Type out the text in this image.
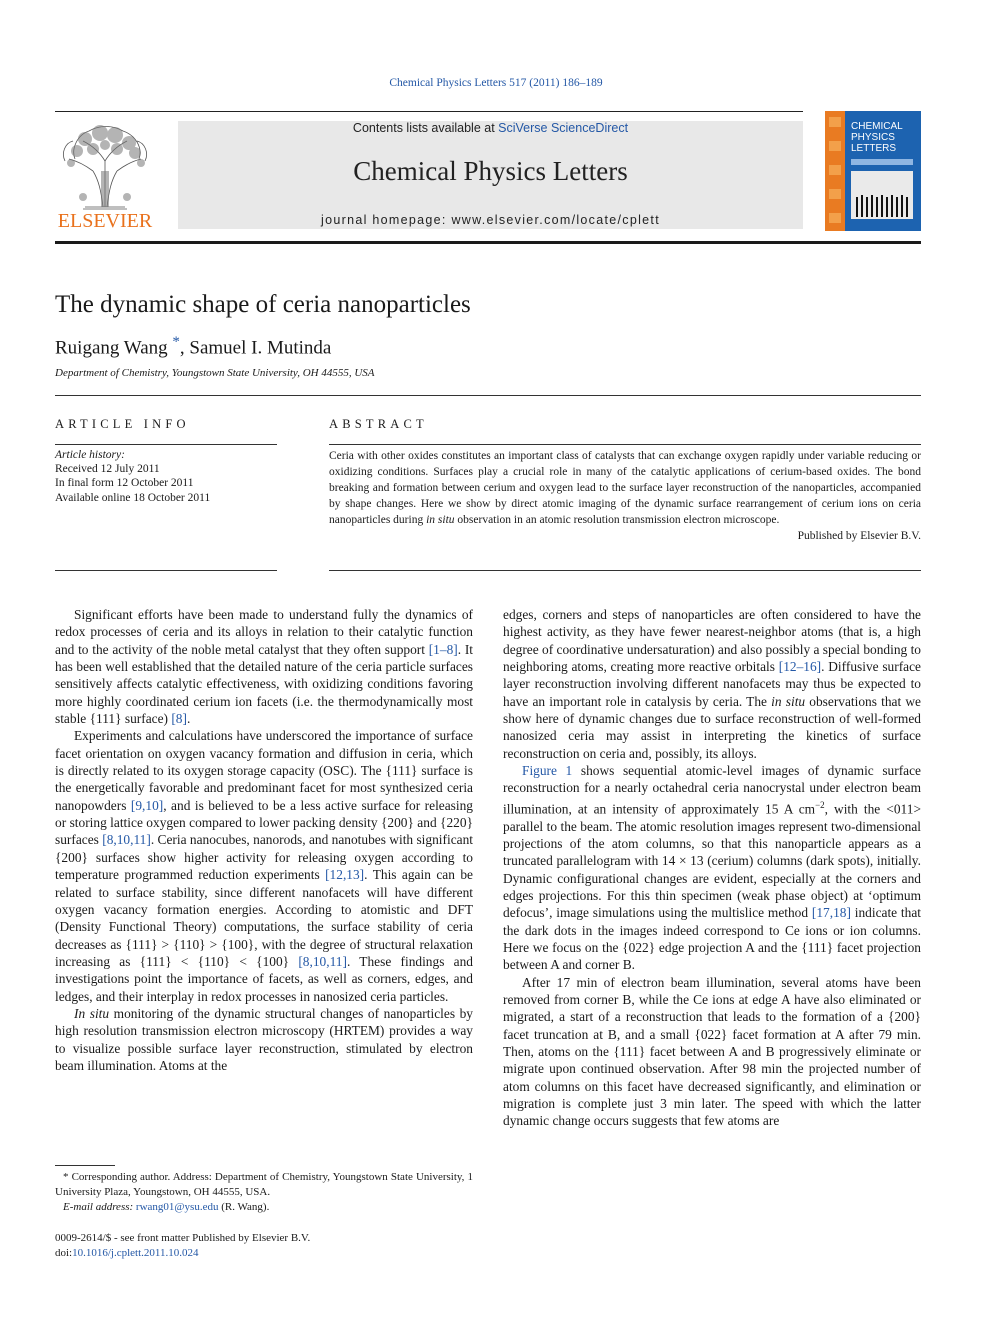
Chemical Physics Letters 517 (2011) 186–189
ELSEVIER
Contents lists available at SciVerse ScienceDirect
Chemical Physics Letters
journal homepage: www.elsevier.com/locate/cplett
CHEMICAL
PHYSICS
LETTERS
The dynamic shape of ceria nanoparticles
Ruigang Wang *, Samuel I. Mutinda
Department of Chemistry, Youngstown State University, OH 44555, USA
ARTICLE INFO
Article history:
Received 12 July 2011
In final form 12 October 2011
Available online 18 October 2011
ABSTRACT
Ceria with other oxides constitutes an important class of catalysts that can exchange oxygen rapidly under variable reducing or oxidizing conditions. Surfaces play a crucial role in many of the catalytic applications of cerium-based oxides. The bond breaking and formation between cerium and oxygen lead to the surface layer reconstruction of the nanoparticles, accompanied by shape changes. Here we show by direct atomic imaging of the dynamic surface rearrangement of cerium ions on ceria nanoparticles during in situ observation in an atomic resolution transmission electron microscope.
Published by Elsevier B.V.

Significant efforts have been made to understand fully the dynamics of redox processes of ceria and its alloys in relation to their catalytic function and to the activity of the noble metal catalyst that they often support [1–8]. It has been well established that the detailed nature of the ceria particle surfaces sensitively affects catalytic effectiveness, with oxidizing conditions favoring more highly coordinated cerium ion facets (i.e. the thermodynamically most stable {111} surface) [8].

Experiments and calculations have underscored the importance of surface facet orientation on oxygen vacancy formation and diffusion in ceria, which is directly related to its oxygen storage capacity (OSC). The {111} surface is the energetically favorable and predominant facet for most synthesized ceria nanopowders [9,10], and is believed to be a less active surface for releasing or storing lattice oxygen compared to lower packing density {200} and {220} surfaces [8,10,11]. Ceria nanocubes, nanorods, and nanotubes with significant {200} surfaces show higher activity for releasing oxygen according to temperature programmed reduction experiments [12,13]. This again can be related to surface stability, since different nanofacets will have different oxygen vacancy formation energies. According to atomistic and DFT (Density Functional Theory) computations, the surface stability of ceria decreases as {111} > {110} > {100}, with the degree of structural relaxation increasing as {111} < {110} < {100} [8,10,11]. These findings and investigations point the importance of facets, as well as corners, edges, and ledges, and their interplay in redox processes in nanosized ceria particles.

In situ monitoring of the dynamic structural changes of nanoparticles by high resolution transmission electron microscopy (HRTEM) provides a way to visualize possible surface layer reconstruction, stimulated by electron beam illumination. Atoms at the

edges, corners and steps of nanoparticles are often considered to have the highest activity, as they have fewer nearest-neighbor atoms (that is, a high degree of coordinative undersaturation) and also possibly a special bonding to neighboring atoms, creating more reactive orbitals [12–16]. Diffusive surface layer reconstruction involving different nanofacets may thus be expected to have an important role in catalysis by ceria. The in situ observations that we show here of dynamic changes due to surface reconstruction of well-formed nanosized ceria may assist in interpreting the kinetics of surface reconstruction on ceria and, possibly, its alloys.

Figure 1 shows sequential atomic-level images of dynamic surface reconstruction for a nearly octahedral ceria nanocrystal under electron beam illumination, at an intensity of approximately 15 A $cm^{-2}$, with the <011> parallel to the beam. The atomic resolution images represent two-dimensional projections of the atom columns, so that this nanoparticle appears as a truncated parallelogram with 14 × 13 (cerium) columns (dark spots), initially. Dynamic configurational changes are evident, especially at the corners and edges projections. For this thin specimen (weak phase object) at ‘optimum defocus’, image simulations using the multislice method [17,18] indicate that the dark dots in the images indeed correspond to Ce ions or ion columns. Here we focus on the {022} edge projection A and the {111} facet projection between A and corner B.

After 17 min of electron beam illumination, several atoms have been removed from corner B, while the Ce ions at edge A have also eliminated or migrated, a start of a reconstruction that leads to the formation of a {200} facet truncation at B, and a small {022} facet formation at A after 79 min. Then, atoms on the {111} facet between A and B progressively eliminate or migrate upon continued observation. After 98 min the projected number of atom columns on this facet have decreased significantly, and elimination or migration is complete just 3 min later. The speed with which the latter dynamic change occurs suggests that few atoms are

* Corresponding author. Address: Department of Chemistry, Youngstown State University, 1 University Plaza, Youngstown, OH 44555, USA.
E-mail address: rwang01@ysu.edu (R. Wang).
0009-2614/$ - see front matter Published by Elsevier B.V.
doi:10.1016/j.cplett.2011.10.024
